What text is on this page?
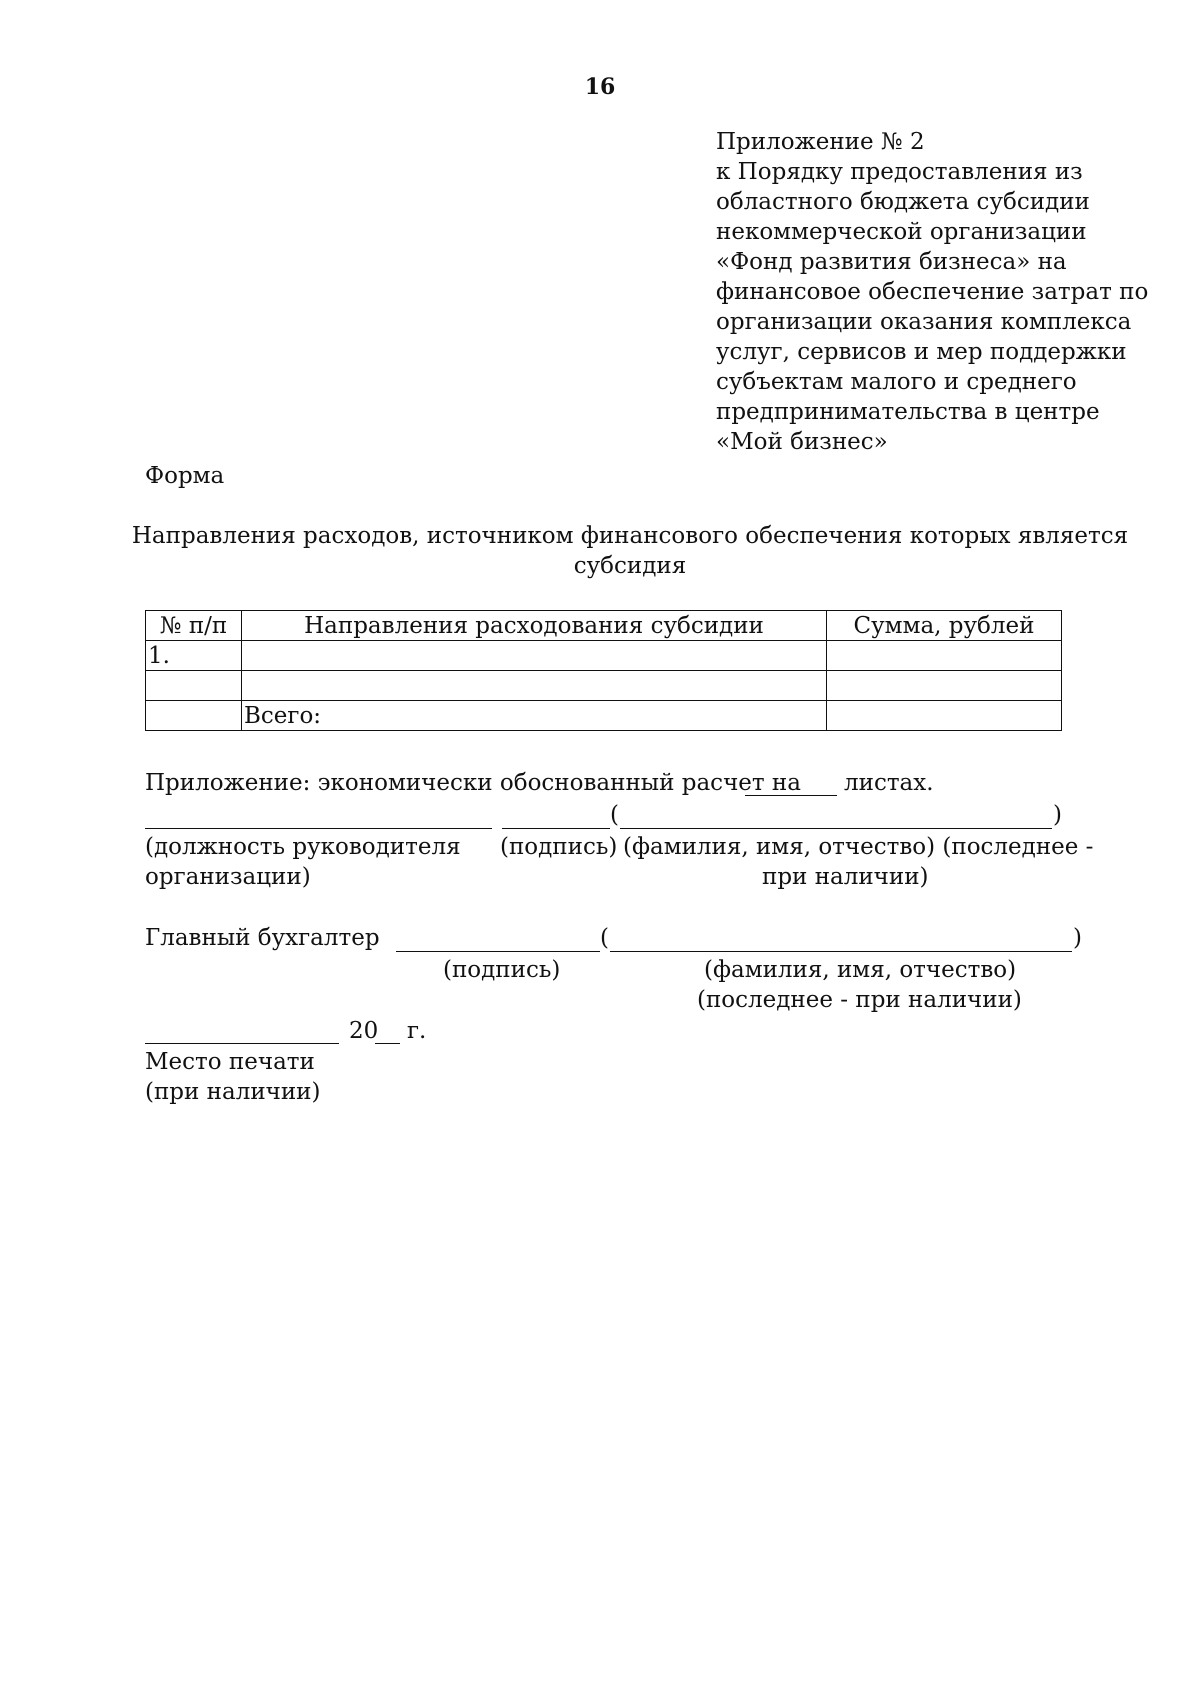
16
Приложение № 2
к Порядку предоставления из
областного бюджета субсидии
некоммерческой организации
«Фонд развития бизнеса» на
финансовое обеспечение затрат по
организации оказания комплекса
услуг, сервисов и мер поддержки
субъектам малого и среднего
предпринимательства в центре
«Мой бизнес»
Форма
Направления расходов, источником финансового обеспечения которых является
субсидия
№ п/п	Направления расходования субсидии	Сумма, рублей
1.		

	Всего:	
Приложение: экономически обоснованный расчет на листах.
(	)
(должность руководителя
организации)
(подпись) (фамилия, имя, отчество) (последнее -
при наличии)
Главный бухгалтер	(	)
(подпись)	(фамилия, имя, отчество)
(последнее - при наличии)
20 г.
Место печати
(при наличии)
